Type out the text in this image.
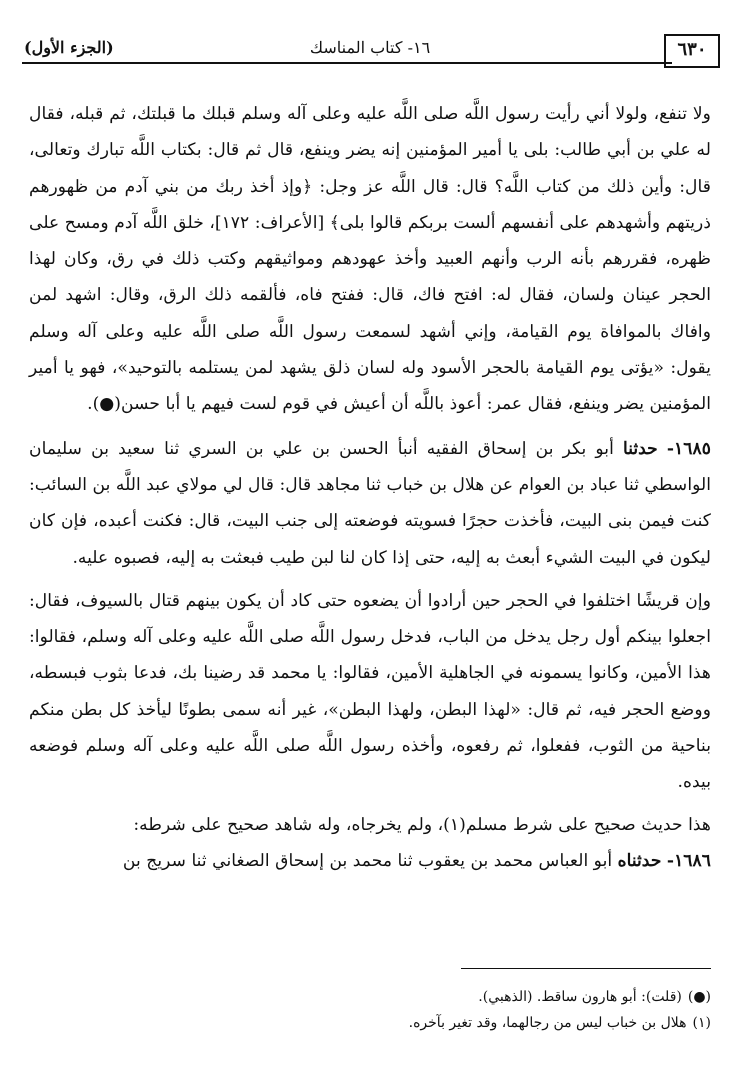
٦٣٠
١٦- كتاب المناسك
(الجزء الأول)

ولا تنفع، ولولا أني رأيت رسول اللَّه صلى اللَّه عليه وعلى آله وسلم قبلك ما قبلتك، ثم قبله، فقال له علي بن أبي طالب: بلى يا أمير المؤمنين إنه يضر وينفع، قال ثم قال: بكتاب اللَّه تبارك وتعالى، قال: وأين ذلك من كتاب اللَّه؟ قال: قال اللَّه عز وجل: ﴿وإذ أخذ ربك من بني آدم من ظهورهم ذريتهم وأشهدهم على أنفسهم ألست بربكم قالوا بلى﴾ [الأعراف: ١٧٢]، خلق اللَّه آدم ومسح على ظهره، فقررهم بأنه الرب وأنهم العبيد وأخذ عهودهم ومواثيقهم وكتب ذلك في رق، وكان لهذا الحجر عينان ولسان، فقال له: افتح فاك، قال: ففتح فاه، فألقمه ذلك الرق، وقال: اشهد لمن وافاك بالموافاة يوم القيامة، وإني أشهد لسمعت رسول اللَّه صلى اللَّه عليه وعلى آله وسلم يقول: «يؤتى يوم القيامة بالحجر الأسود وله لسان ذلق يشهد لمن يستلمه بالتوحيد»، فهو يا أمير المؤمنين يضر وينفع، فقال عمر: أعوذ باللَّه أن أعيش في قوم لست فيهم يا أبا حسن(●).

١٦٨٥- حدثنا أبو بكر بن إسحاق الفقيه أنبأ الحسن بن علي بن السري ثنا سعيد بن سليمان الواسطي ثنا عباد بن العوام عن هلال بن خباب ثنا مجاهد قال: قال لي مولاي عبد اللَّه بن السائب: كنت فيمن بنى البيت، فأخذت حجرًا فسويته فوضعته إلى جنب البيت، قال: فكنت أعبده، فإن كان ليكون في البيت الشيء أبعث به إليه، حتى إذا كان لنا لبن طيب فبعثت به إليه، فصبوه عليه.

وإن قريشًا اختلفوا في الحجر حين أرادوا أن يضعوه حتى كاد أن يكون بينهم قتال بالسيوف، فقال: اجعلوا بينكم أول رجل يدخل من الباب، فدخل رسول اللَّه صلى اللَّه عليه وعلى آله وسلم، فقالوا: هذا الأمين، وكانوا يسمونه في الجاهلية الأمين، فقالوا: يا محمد قد رضينا بك، فدعا بثوب فبسطه، ووضع الحجر فيه، ثم قال: «لهذا البطن، ولهذا البطن»، غير أنه سمى بطونًا ليأخذ كل بطن منكم بناحية من الثوب، ففعلوا، ثم رفعوه، وأخذه رسول اللَّه صلى اللَّه عليه وعلى آله وسلم فوضعه بيده.

هذا حديث صحيح على شرط مسلم(١)، ولم يخرجاه، وله شاهد صحيح على شرطه:

١٦٨٦- حدثناه أبو العباس محمد بن يعقوب ثنا محمد بن إسحاق الصغاني ثنا سريج بن

(●)(قلت): أبو هارون ساقط. (الذهبي).

(١)هلال بن خباب ليس من رجالهما، وقد تغير بآخره.
